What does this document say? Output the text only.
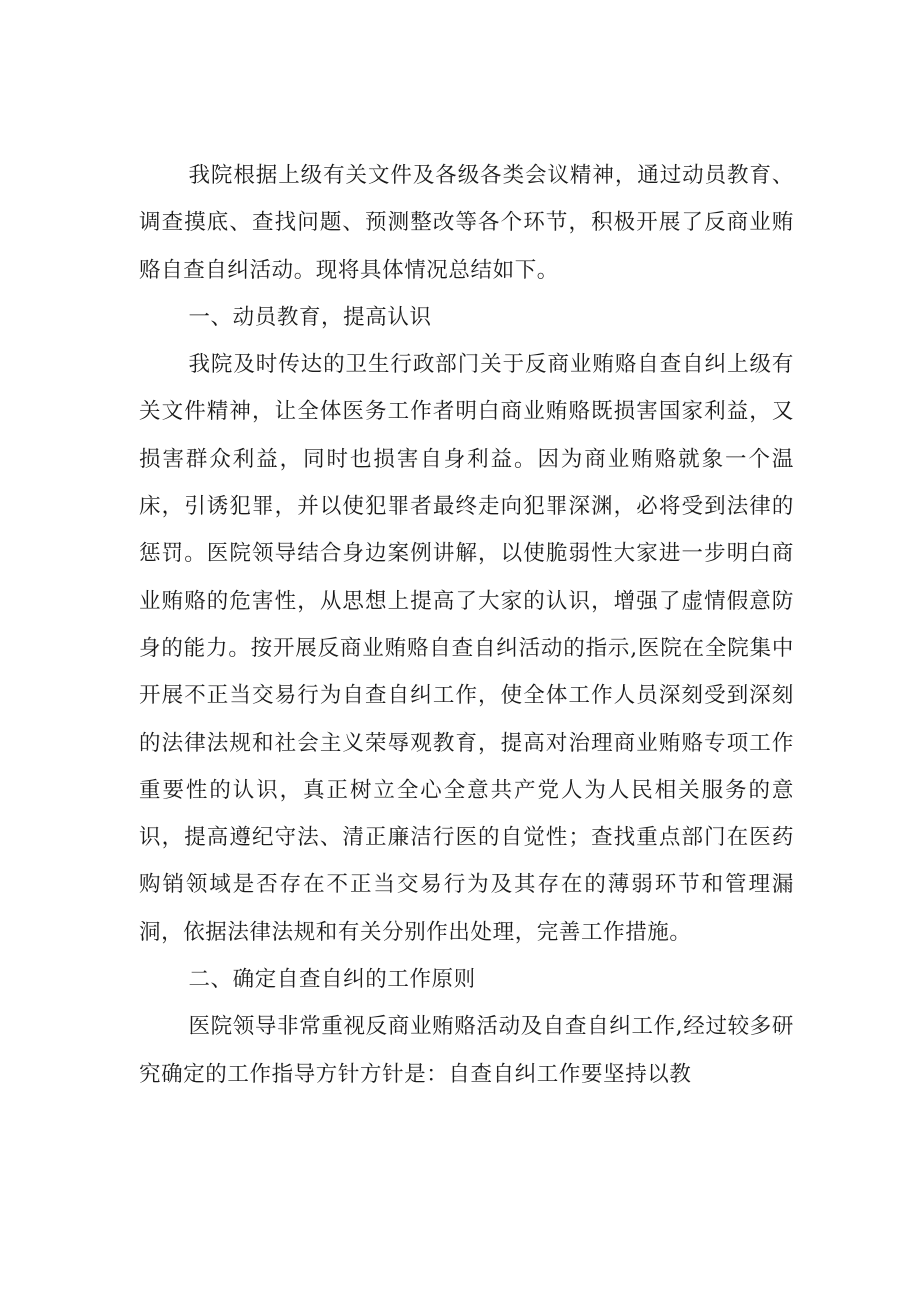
我院根据上级有关文件及各级各类会议精神，通过动员教育、调查摸底、查找问题、预测整改等各个环节，积极开展了反商业贿赂自查自纠活动。现将具体情况总结如下。

一、动员教育，提高认识

我院及时传达的卫生行政部门关于反商业贿赂自查自纠上级有关文件精神，让全体医务工作者明白商业贿赂既损害国家利益，又损害群众利益，同时也损害自身利益。因为商业贿赂就象一个温床，引诱犯罪，并以使犯罪者最终走向犯罪深渊，必将受到法律的惩罚。医院领导结合身边案例讲解，以使脆弱性大家进一步明白商业贿赂的危害性，从思想上提高了大家的认识，增强了虚情假意防身的能力。按开展反商业贿赂自查自纠活动的指示,医院在全院集中开展不正当交易行为自查自纠工作，使全体工作人员深刻受到深刻的法律法规和社会主义荣辱观教育，提高对治理商业贿赂专项工作重要性的认识，真正树立全心全意共产党人为人民相关服务的意识，提高遵纪守法、清正廉洁行医的自觉性；查找重点部门在医药购销领域是否存在不正当交易行为及其存在的薄弱环节和管理漏洞，依据法律法规和有关分别作出处理，完善工作措施。

二、确定自查自纠的工作原则

医院领导非常重视反商业贿赂活动及自查自纠工作,经过较多研究确定的工作指导方针方针是：自查自纠工作要坚持以教
